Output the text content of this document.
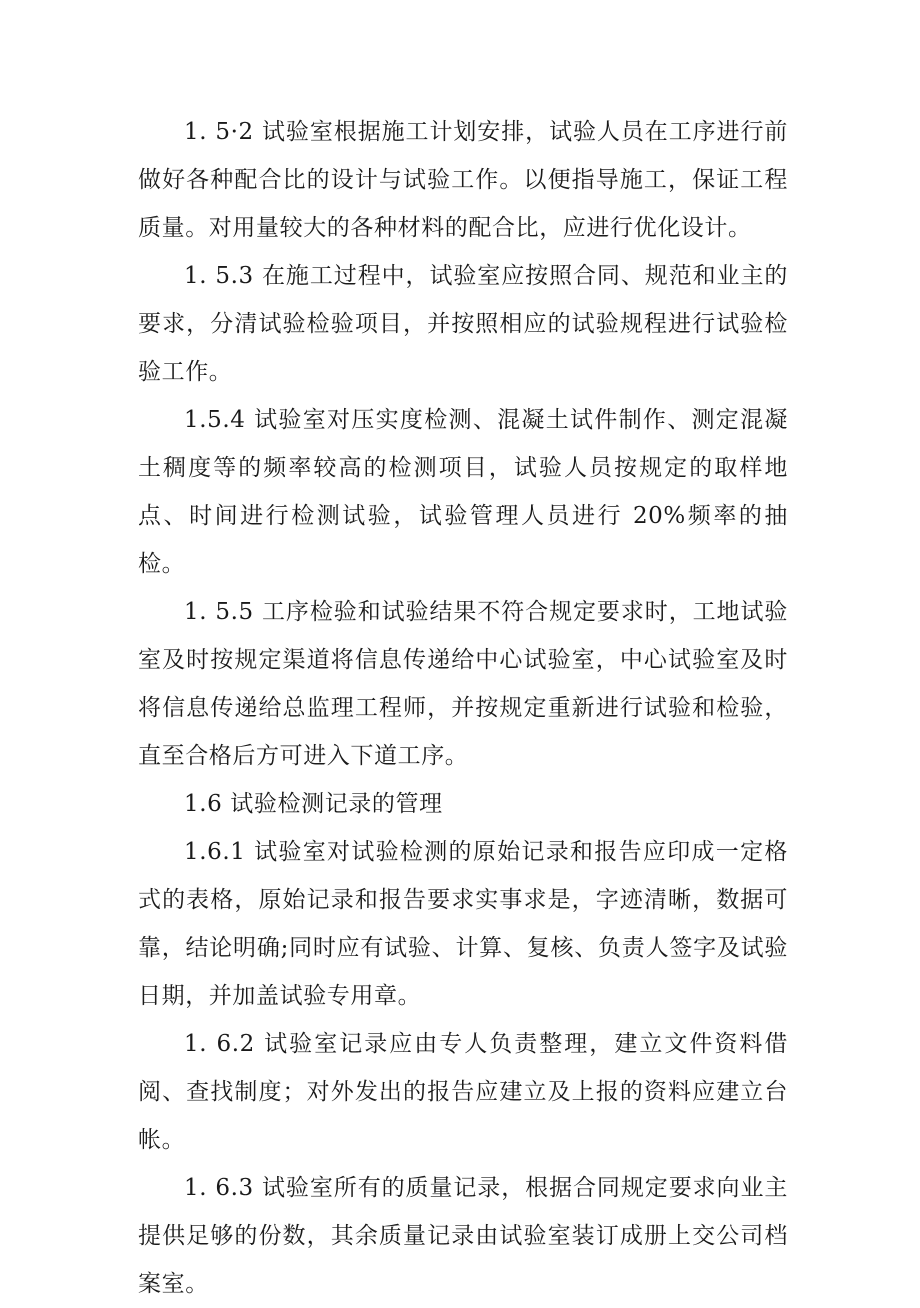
1. 5·2 试验室根据施工计划安排，试验人员在工序进行前做好各种配合比的设计与试验工作。以便指导施工，保证工程质量。对用量较大的各种材料的配合比，应进行优化设计。

1. 5.3 在施工过程中，试验室应按照合同、规范和业主的要求，分清试验检验项目，并按照相应的试验规程进行试验检验工作。

1.5.4 试验室对压实度检测、混凝土试件制作、测定混凝土稠度等的频率较高的检测项目，试验人员按规定的取样地点、时间进行检测试验，试验管理人员进行 20%频率的抽检。

1. 5.5 工序检验和试验结果不符合规定要求时，工地试验室及时按规定渠道将信息传递给中心试验室，中心试验室及时将信息传递给总监理工程师，并按规定重新进行试验和检验，直至合格后方可进入下道工序。

1.6 试验检测记录的管理

1.6.1 试验室对试验检测的原始记录和报告应印成一定格式的表格，原始记录和报告要求实事求是，字迹清晰，数据可靠，结论明确;同时应有试验、计算、复核、负责人签字及试验日期，并加盖试验专用章。

1. 6.2 试验室记录应由专人负责整理，建立文件资料借阅、查找制度；对外发出的报告应建立及上报的资料应建立台帐。

1. 6.3 试验室所有的质量记录，根据合同规定要求向业主提供足够的份数，其余质量记录由试验室装订成册上交公司档案室。
